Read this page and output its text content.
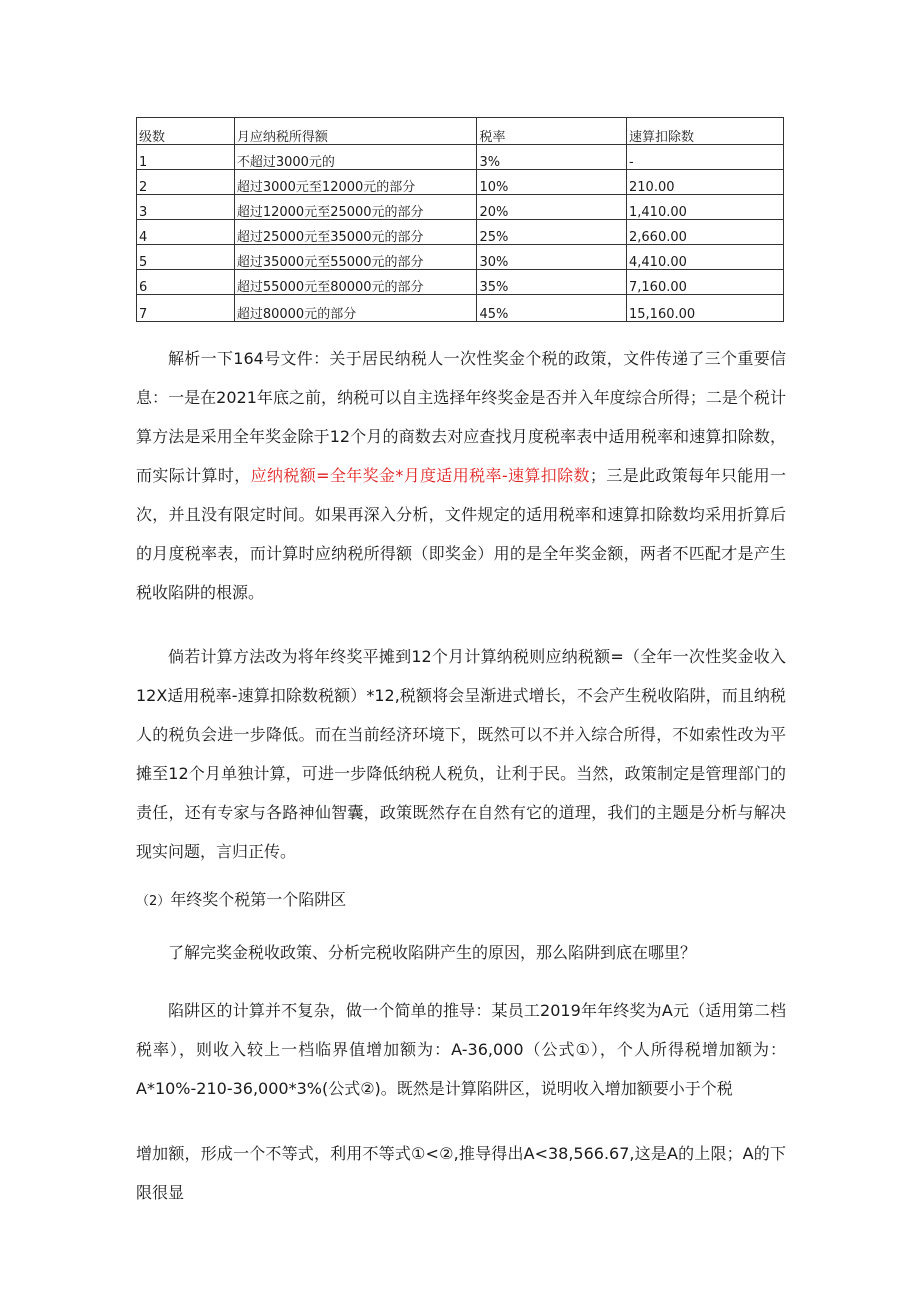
级数	月应纳税所得额	税率	速算扣除数
1	不超过3000元的	3%	-
2	超过3000元至12000元的部分	10%	210.00
3	超过12000元至25000元的部分	20%	1,410.00
4	超过25000元至35000元的部分	25%	2,660.00
5	超过35000元至55000元的部分	30%	4,410.00
6	超过55000元至80000元的部分	35%	7,160.00
7	超过80000元的部分	45%	15,160.00

解析一下164号文件：关于居民纳税人一次性奖金个税的政策，文件传递了三个重要信息：一是在2021年底之前，纳税可以自主选择年终奖金是否并入年度综合所得；二是个税计算方法是采用全年奖金除于12个月的商数去对应查找月度税率表中适用税率和速算扣除数，而实际计算时，应纳税额=全年奖金*月度适用税率-速算扣除数；三是此政策每年只能用一次，并且没有限定时间。如果再深入分析，文件规定的适用税率和速算扣除数均采用折算后的月度税率表，而计算时应纳税所得额（即奖金）用的是全年奖金额，两者不匹配才是产生税收陷阱的根源。

倘若计算方法改为将年终奖平摊到12个月计算纳税则应纳税额=（全年一次性奖金收入12X适用税率-速算扣除数税额）*12,税额将会呈渐进式增长，不会产生税收陷阱，而且纳税人的税负会进一步降低。而在当前经济环境下，既然可以不并入综合所得，不如索性改为平摊至12个月单独计算，可进一步降低纳税人税负，让利于民。当然，政策制定是管理部门的责任，还有专家与各路神仙智囊，政策既然存在自然有它的道理，我们的主题是分析与解决现实问题，言归正传。

（2）年终奖个税第一个陷阱区

了解完奖金税收政策、分析完税收陷阱产生的原因，那么陷阱到底在哪里？

陷阱区的计算并不复杂，做一个简单的推导：某员工2019年年终奖为A元（适用第二档税率），则收入较上一档临界值增加额为：A-36,000（公式①），个人所得税增加额为：A*10%-210-36,000*3%(公式②)。既然是计算陷阱区，说明收入增加额要小于个税

增加额，形成一个不等式，利用不等式①<②,推导得出A<38,566.67,这是A的上限；A的下限很显
